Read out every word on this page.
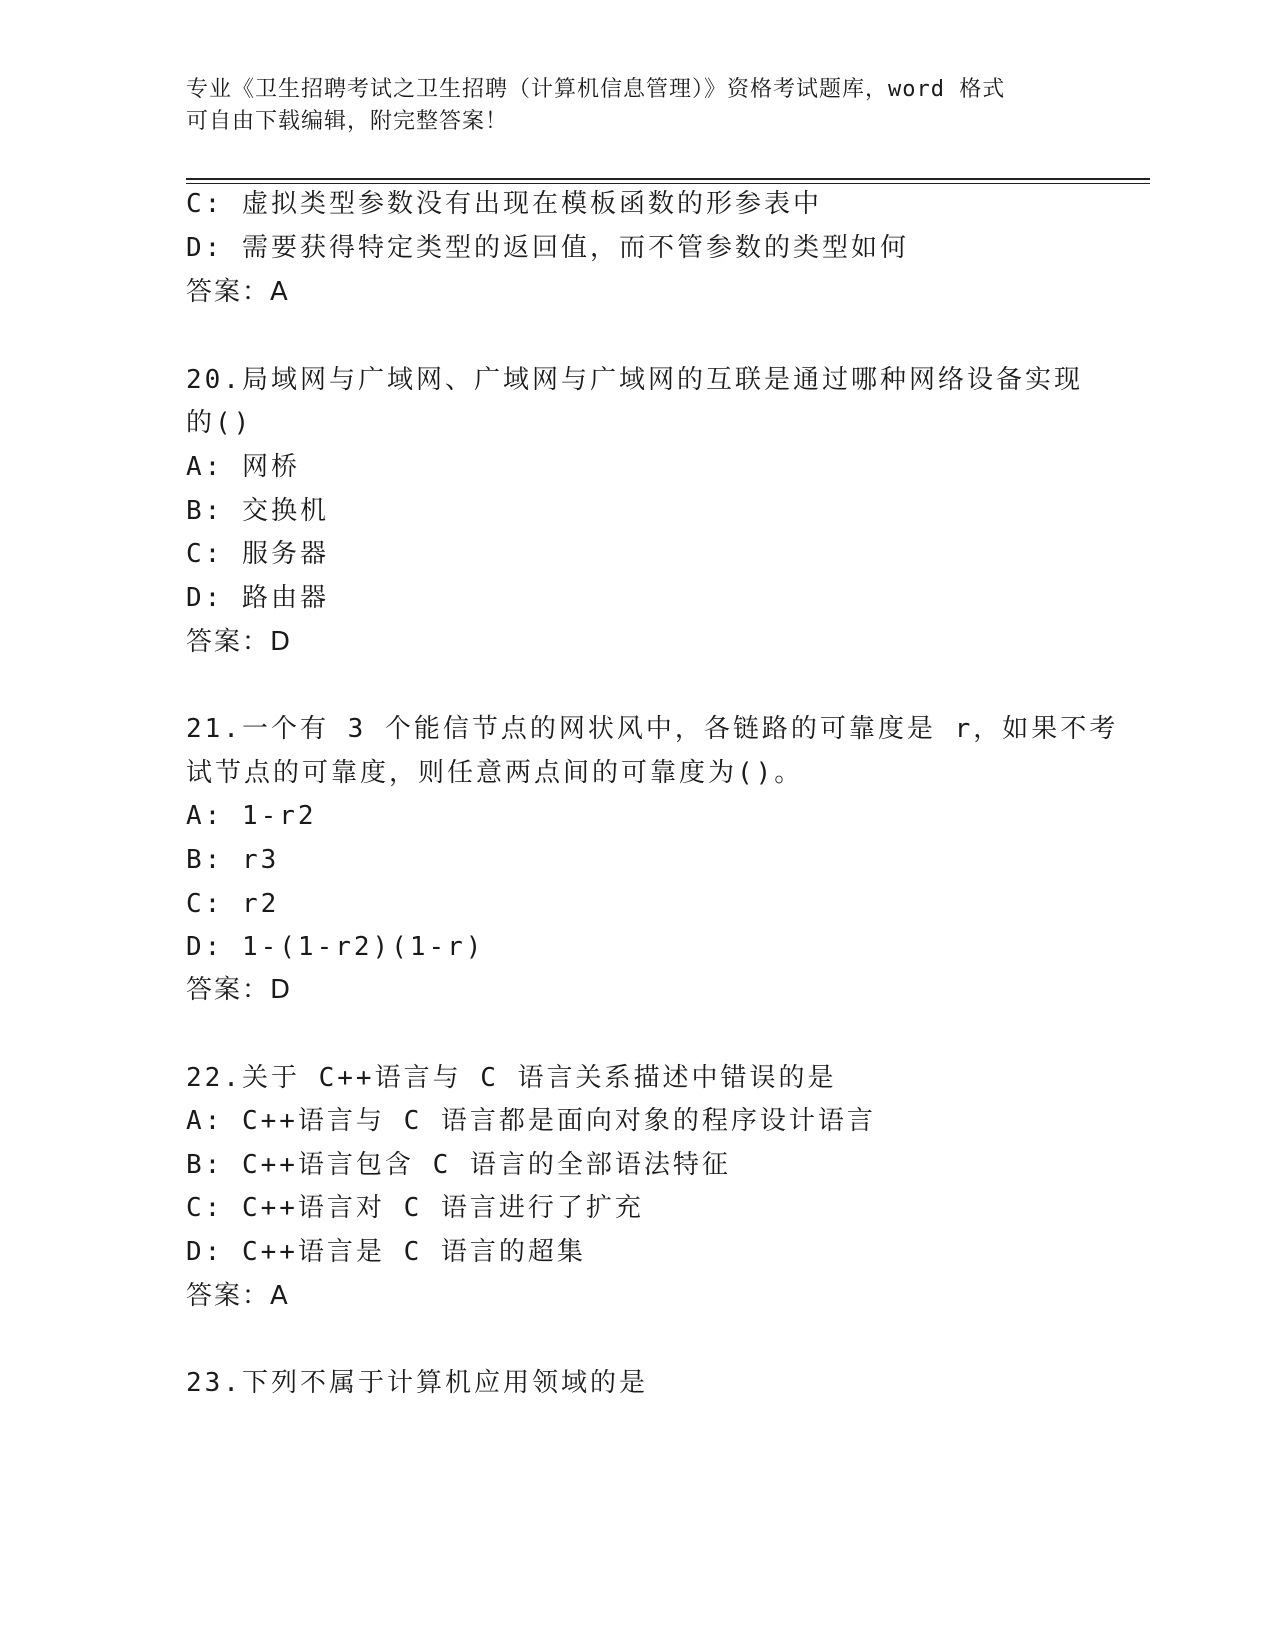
专业《卫生招聘考试之卫生招聘（计算机信息管理）》资格考试题库，word 格式
可自由下载编辑，附完整答案！
C: 虚拟类型参数没有出现在模板函数的形参表中
D: 需要获得特定类型的返回值，而不管参数的类型如何
答案：A
20.局域网与广域网、广域网与广域网的互联是通过哪种网络设备实现
的()
A: 网桥
B: 交换机
C: 服务器
D: 路由器
答案：D
21.一个有 3 个能信节点的网状风中，各链路的可靠度是 r，如果不考
试节点的可靠度，则任意两点间的可靠度为()。
A: 1-r2
B: r3
C: r2
D: 1-(1-r2)(1-r)
答案：D
22.关于 C++语言与 C 语言关系描述中错误的是
A: C++语言与 C 语言都是面向对象的程序设计语言
B: C++语言包含 C 语言的全部语法特征
C: C++语言对 C 语言进行了扩充
D: C++语言是 C 语言的超集
答案：A
23.下列不属于计算机应用领域的是
